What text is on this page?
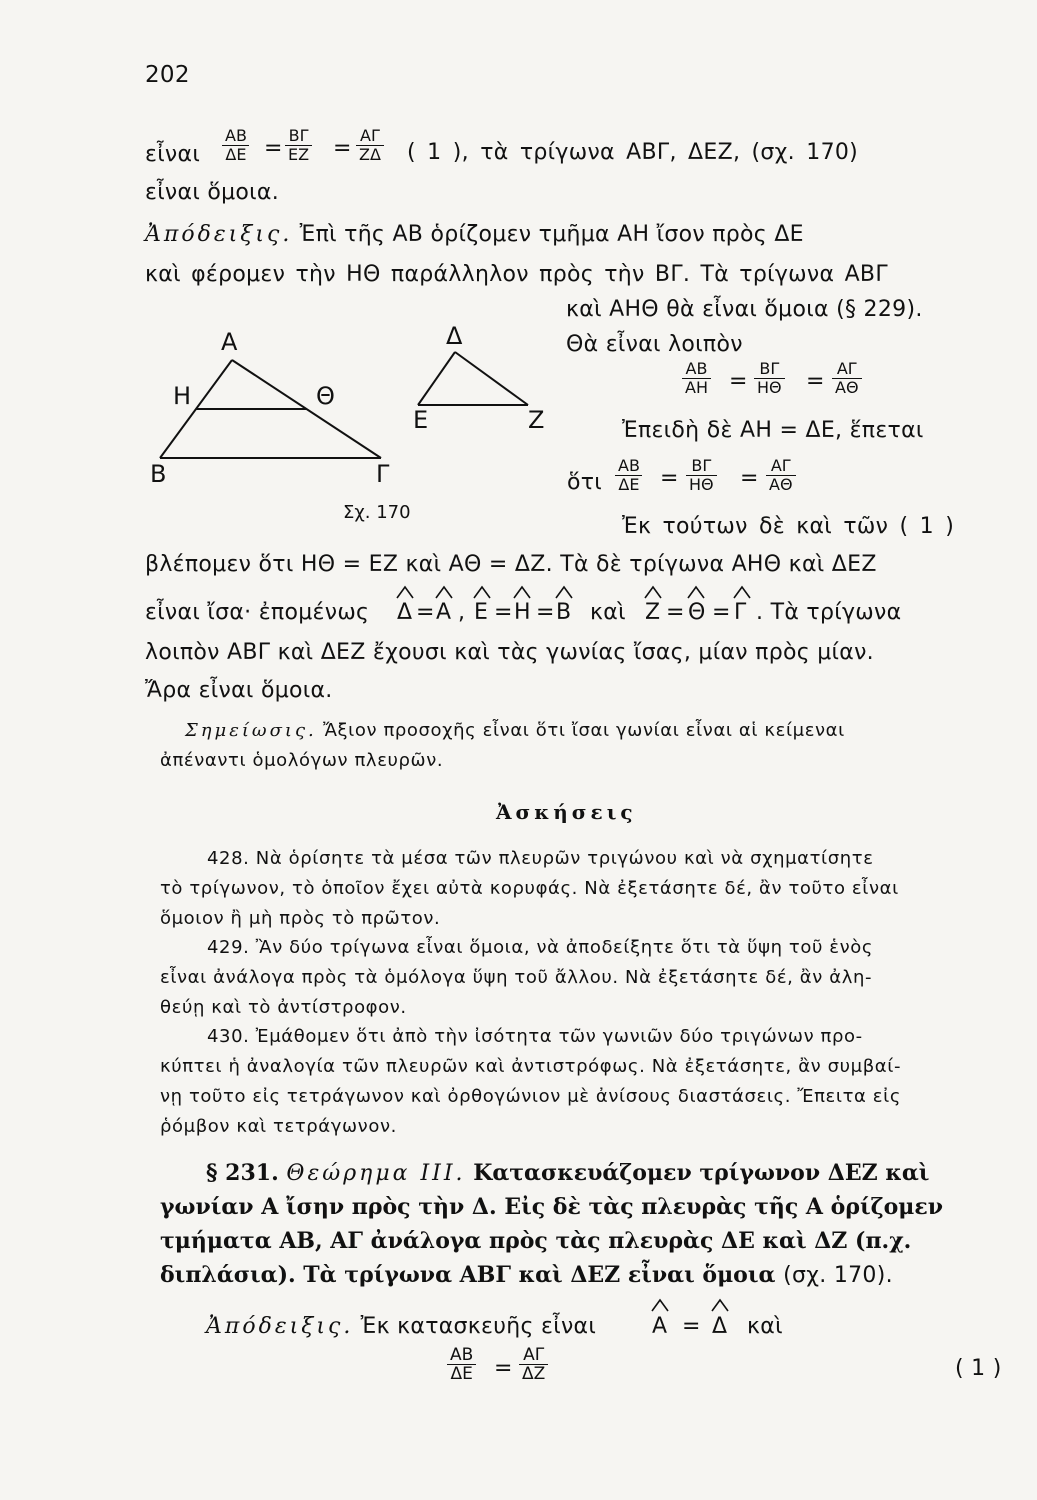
202
εἶναι $\frac{AB}{\Delta E} = \frac{B\Gamma}{EZ} = \frac{A\Gamma}{Z\Delta}$ ( 1 ), τὰ τρίγωνα ΑΒΓ, ΔΕΖ, (σχ. 170)
εἶναι ὅμοια.
Ἀπόδειξις. Ἐπὶ τῆς ΑΒ ὁρίζομεν τμῆμα ΑΗ ἴσον πρὸς ΔΕ
καὶ φέρομεν τὴν ΗΘ παράλληλον πρὸς τὴν ΒΓ. Τὰ τρίγωνα ΑΒΓ
καὶ ΑΗΘ θὰ εἶναι ὅμοια (§ 229).
Θὰ εἶναι λοιπὸν
$\frac{AB}{AH} = \frac{B\Gamma}{H\Theta} = \frac{A\Gamma}{A\Theta}$
Ἐπειδὴ δὲ ΑΗ = ΔΕ, ἕπεται
ὅτι $\frac{AB}{\Delta E} = \frac{B\Gamma}{H\Theta} = \frac{A\Gamma}{A\Theta}$
Ἐκ τούτων δὲ καὶ τῶν ( 1 )
Α
Η	Θ
Β	Γ
Δ
Ε	Ζ
Σχ. 170
βλέπομεν ὅτι ΗΘ = ΕΖ καὶ ΑΘ = ΔΖ. Τὰ δὲ τρίγωνα ΑΗΘ καὶ ΔΕΖ
εἶναι ἴσα· ἐπομένως Δ = Α , Ε = Η = Β καὶ Ζ = Θ = Γ . Τὰ τρίγωνα
λοιπὸν ΑΒΓ καὶ ΔΕΖ ἔχουσι καὶ τὰς γωνίας ἴσας, μίαν πρὸς μίαν.
Ἄρα εἶναι ὅμοια.
Σημείωσις. Ἄξιον προσοχῆς εἶναι ὅτι ἴσαι γωνίαι εἶναι αἱ κείμεναι
ἀπέναντι ὁμολόγων πλευρῶν.
Ἀσκήσεις
428. Νὰ ὁρίσητε τὰ μέσα τῶν πλευρῶν τριγώνου καὶ νὰ σχηματίσητε
τὸ τρίγωνον, τὸ ὁποῖον ἔχει αὐτὰ κορυφάς. Νὰ ἐξετάσητε δέ, ἂν τοῦτο εἶναι
ὅμοιον ἢ μὴ πρὸς τὸ πρῶτον.
429. Ἂν δύο τρίγωνα εἶναι ὅμοια, νὰ ἀποδείξητε ὅτι τὰ ὕψη τοῦ ἑνὸς
εἶναι ἀνάλογα πρὸς τὰ ὁμόλογα ὕψη τοῦ ἄλλου. Νὰ ἐξετάσητε δέ, ἂν ἀλη-
θεύῃ καὶ τὸ ἀντίστροφον.
430. Ἐμάθομεν ὅτι ἀπὸ τὴν ἰσότητα τῶν γωνιῶν δύο τριγώνων προ-
κύπτει ἡ ἀναλογία τῶν πλευρῶν καὶ ἀντιστρόφως. Νὰ ἐξετάσητε, ἂν συμβαί-
νῃ τοῦτο εἰς τετράγωνον καὶ ὀρθογώνιον μὲ ἀνίσους διαστάσεις. Ἔπειτα εἰς
ῥόμβον καὶ τετράγωνον.
§ 231. Θεώρημα III. Κατασκευάζομεν τρίγωνον ΔΕΖ καὶ
γωνίαν Α ἴσην πρὸς τὴν Δ. Εἰς δὲ τὰς πλευρὰς τῆς Α ὁρίζομεν
τμήματα ΑΒ, ΑΓ ἀνάλογα πρὸς τὰς πλευρὰς ΔΕ καὶ ΔΖ (π.χ.
διπλάσια). Τὰ τρίγωνα ΑΒΓ καὶ ΔΕΖ εἶναι ὅμοια (σχ. 170).
Ἀπόδειξις. Ἐκ κατασκευῆς εἶναι	Α = Δ καὶ
$\frac{AB}{\Delta E} = \frac{A\Gamma}{\Delta Z}$	( 1 )
